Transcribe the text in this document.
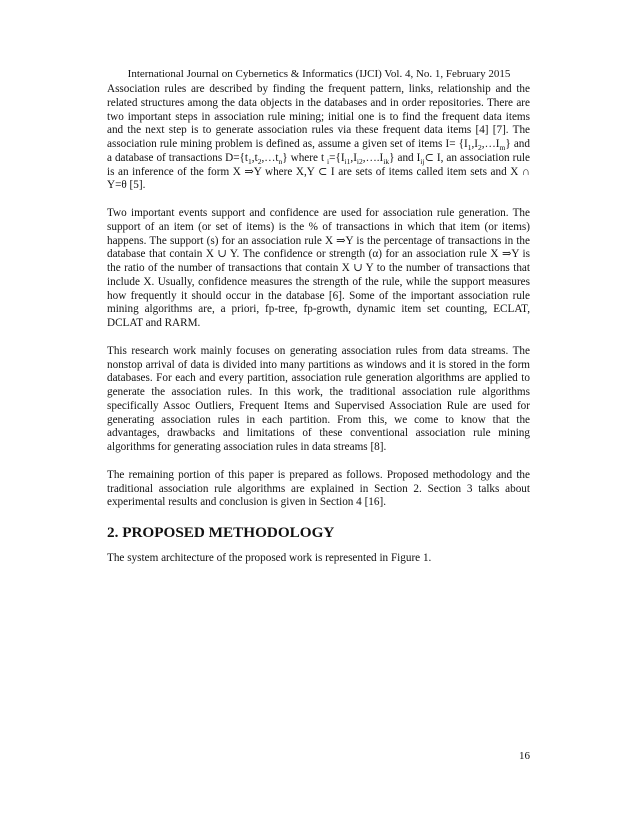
International Journal on Cybernetics & Informatics (IJCI) Vol. 4, No. 1, February 2015

Association rules are described by finding the frequent pattern, links, relationship and the related structures among the data objects in the databases and in order repositories. There are two important steps in association rule mining; initial one is to find the frequent data items and the next step is to generate association rules via these frequent data items [4] [7]. The association rule mining problem is defined as, assume a given set of items $I= \{I_1,I_2,\dots I_m\}$ and a database of transactions $D=\{t_1,t_2,\dots t_n\}$ where t $_i=\{I_{i1},I_{i2},\dots.I_{ik}\}$ and $I_{ij}\subset$ I, an association rule is an inference of the form X ⇒Y where X,Y ⊂ I are sets of items called item sets and X ∩ Y=θ [5].

Two important events support and confidence are used for association rule generation. The support of an item (or set of items) is the % of transactions in which that item (or items) happens. The support (s) for an association rule X ⇒Y is the percentage of transactions in the database that contain X ∪ Y. The confidence or strength (α) for an association rule X ⇒Y is the ratio of the number of transactions that contain X ∪ Y to the number of transactions that include X. Usually, confidence measures the strength of the rule, while the support measures how frequently it should occur in the database [6]. Some of the important association rule mining algorithms are, a priori, fp-tree, fp-growth, dynamic item set counting, ECLAT, DCLAT and RARM.

This research work mainly focuses on generating association rules from data streams. The nonstop arrival of data is divided into many partitions as windows and it is stored in the form databases. For each and every partition, association rule generation algorithms are applied to generate the association rules. In this work, the traditional association rule algorithms specifically Assoc Outliers, Frequent Items and Supervised Association Rule are used for generating association rules in each partition. From this, we come to know that the advantages, drawbacks and limitations of these conventional association rule mining algorithms for generating association rules in data streams [8].

The remaining portion of this paper is prepared as follows. Proposed methodology and the traditional association rule algorithms are explained in Section 2. Section 3 talks about experimental results and conclusion is given in Section 4 [16].

2. PROPOSED METHODOLOGY

The system architecture of the proposed work is represented in Figure 1.

16
